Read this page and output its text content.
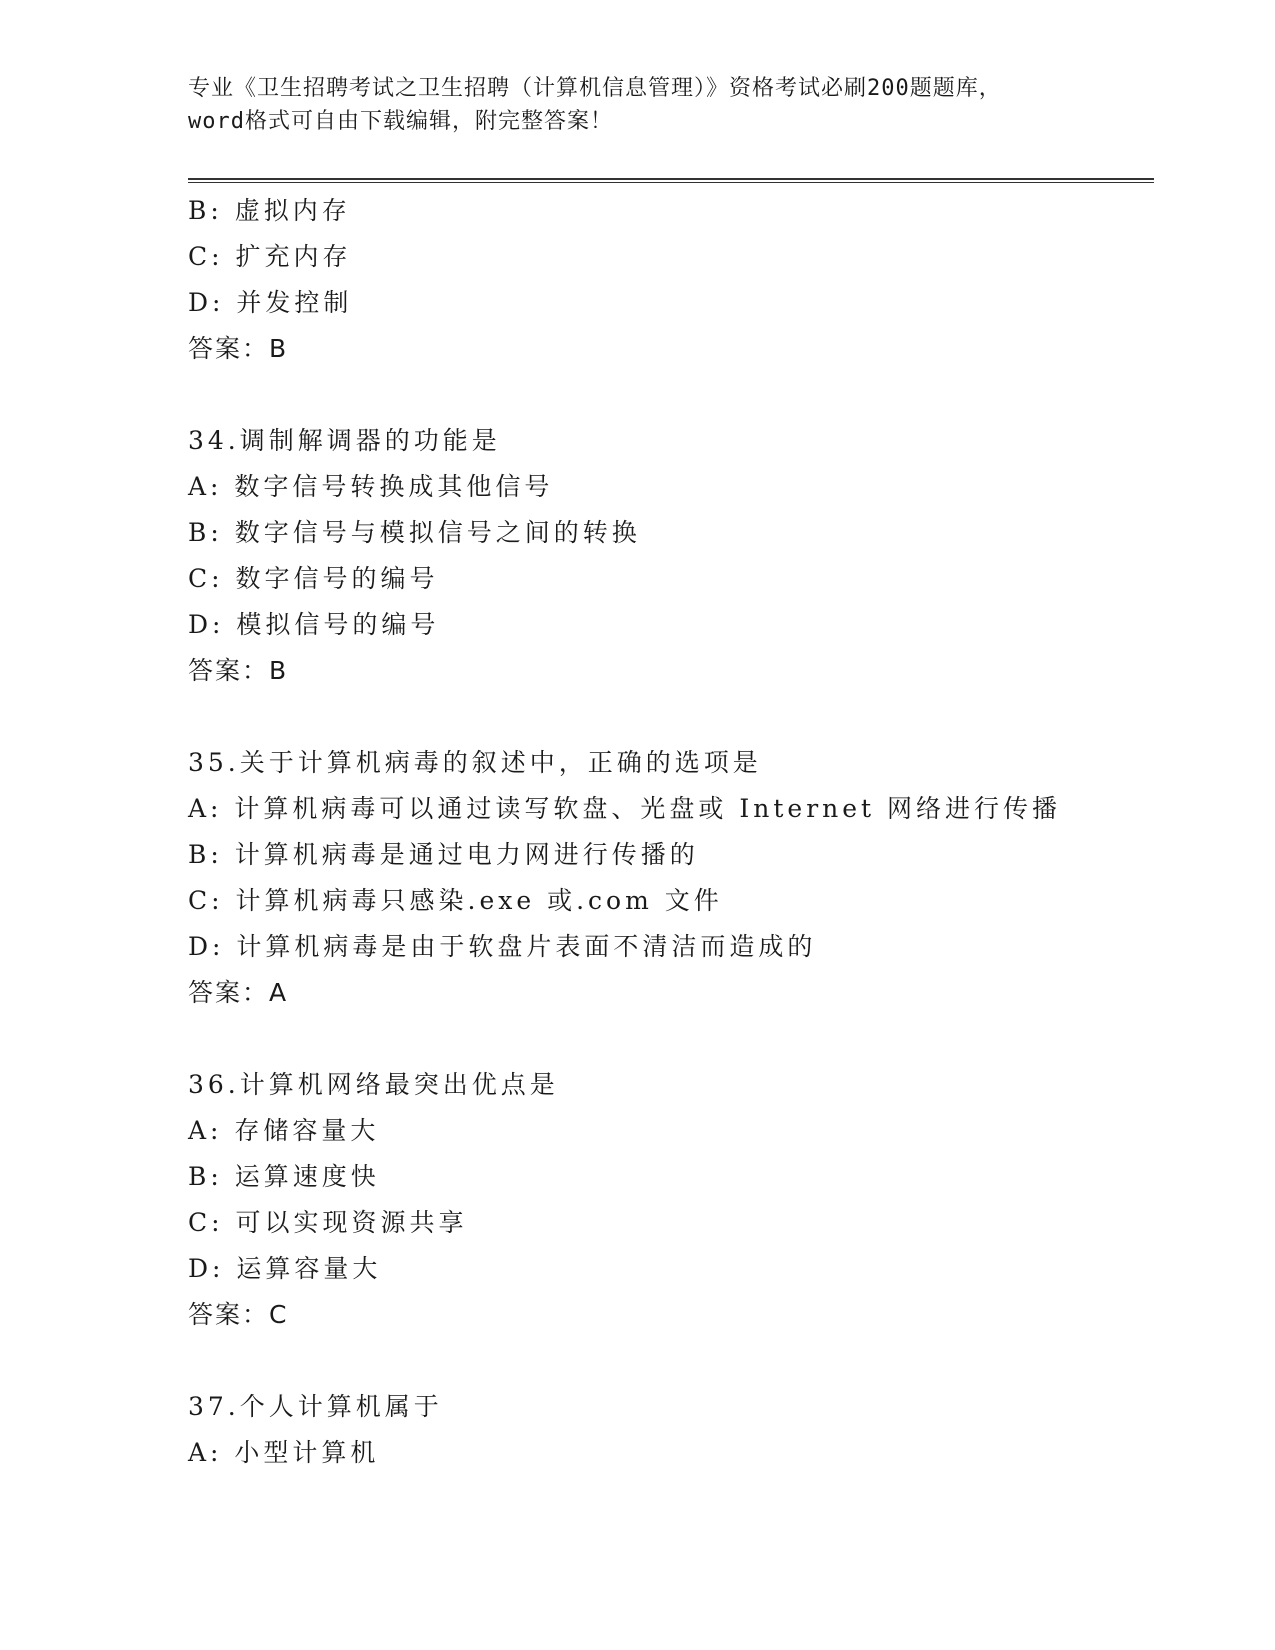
专业《卫生招聘考试之卫生招聘（计算机信息管理）》资格考试必刷200题题库，
word格式可自由下载编辑，附完整答案！
B: 虚拟内存
C: 扩充内存
D: 并发控制
答案：B
34.调制解调器的功能是
A: 数字信号转换成其他信号
B: 数字信号与模拟信号之间的转换
C: 数字信号的编号
D: 模拟信号的编号
答案：B
35.关于计算机病毒的叙述中，正确的选项是
A: 计算机病毒可以通过读写软盘、光盘或 Internet 网络进行传播
B: 计算机病毒是通过电力网进行传播的
C: 计算机病毒只感染.exe 或.com 文件
D: 计算机病毒是由于软盘片表面不清洁而造成的
答案：A
36.计算机网络最突出优点是
A: 存储容量大
B: 运算速度快
C: 可以实现资源共享
D: 运算容量大
答案：C
37.个人计算机属于
A: 小型计算机
